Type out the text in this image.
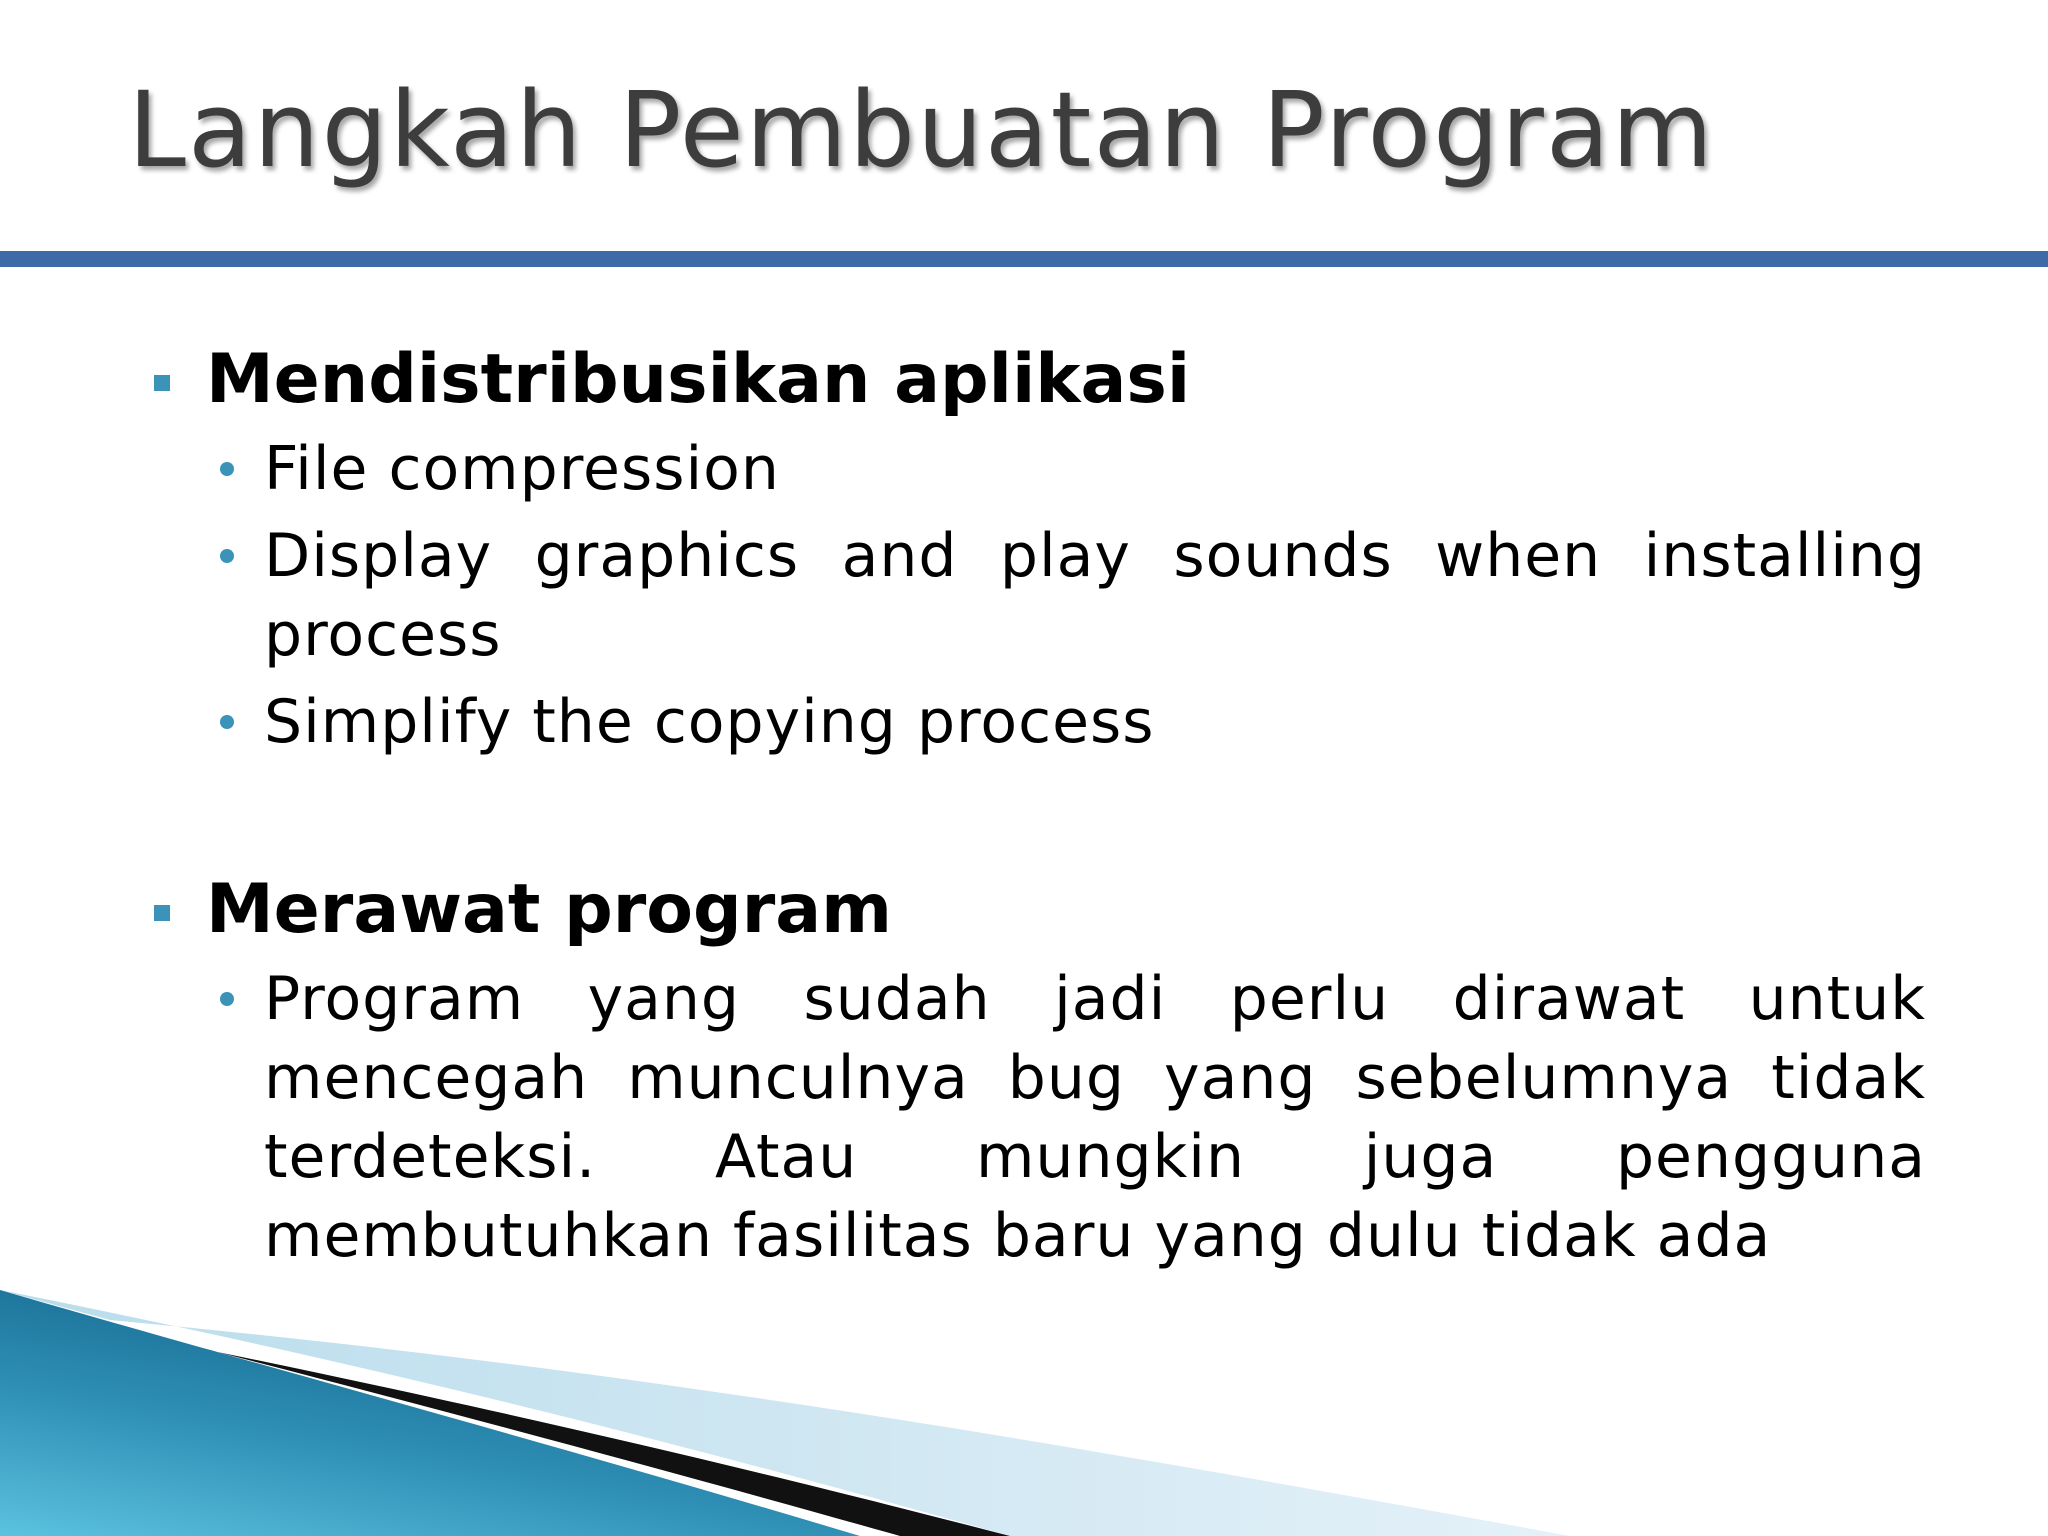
Langkah Pembuatan Program
Mendistribusikan aplikasi
File compression
Display graphics and play sounds when installing process
Simplify the copying process
Merawat program
Program yang sudah jadi perlu dirawat untuk mencegah munculnya bug yang sebelumnya tidak terdeteksi. Atau mungkin juga pengguna membutuhkan fasilitas baru yang dulu tidak ada
